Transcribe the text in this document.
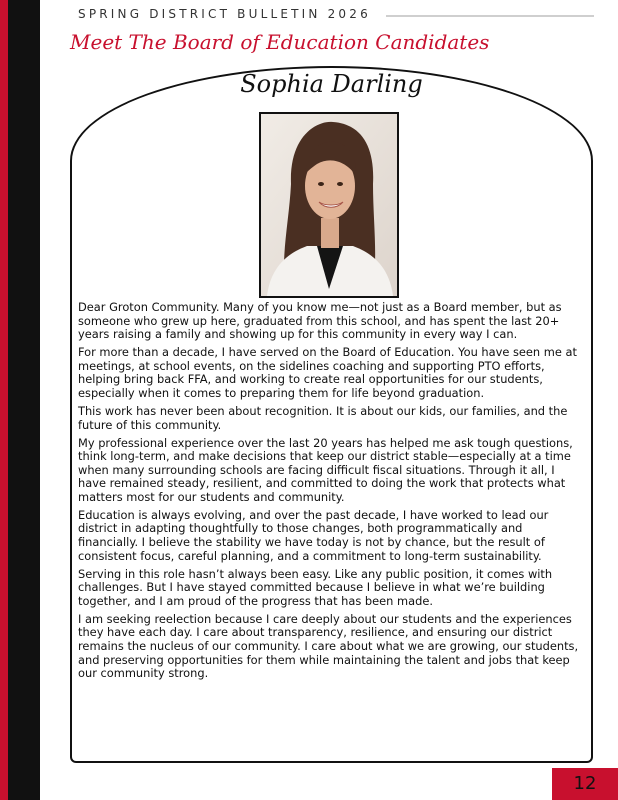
SPRING DISTRICT BULLETIN 2026
Meet The Board of Education Candidates
Sophia Darling

Dear Groton Community. Many of you know me—not just as a Board member, but as someone who grew up here, graduated from this school, and has spent the last 20+ years raising a family and showing up for this community in every way I can.

For more than a decade, I have served on the Board of Education. You have seen me at meetings, at school events, on the sidelines coaching and supporting PTO efforts, helping bring back FFA, and working to create real opportunities for our students, especially when it comes to preparing them for life beyond graduation.

This work has never been about recognition. It is about our kids, our families, and the future of this community.

My professional experience over the last 20 years has helped me ask tough questions, think long-term, and make decisions that keep our district stable—especially at a time when many surrounding schools are facing difficult fiscal situations. Through it all, I have remained steady, resilient, and committed to doing the work that protects what matters most for our students and community.

Education is always evolving, and over the past decade, I have worked to lead our district in adapting thoughtfully to those changes, both programmatically and financially. I believe the stability we have today is not by chance, but the result of consistent focus, careful planning, and a commitment to long-term sustainability.

Serving in this role hasn’t always been easy. Like any public position, it comes with challenges. But I have stayed committed because I believe in what we’re building together, and I am proud of the progress that has been made.

I am seeking reelection because I care deeply about our students and the experiences they have each day. I care about transparency, resilience, and ensuring our district remains the nucleus of our community. I care about what we are growing, our students, and preserving opportunities for them while maintaining the talent and jobs that keep our community strong.

12
